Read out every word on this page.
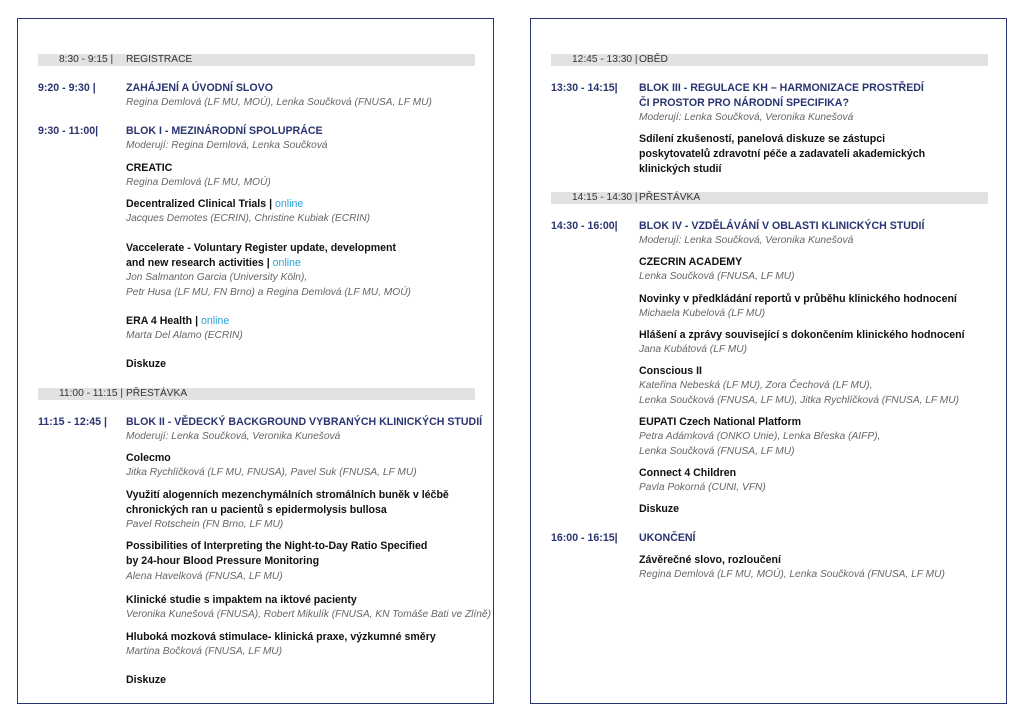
8:30 - 9:15 | REGISTRACE
9:20 - 9:30 |	ZAHÁJENÍ A ÚVODNÍ SLOVO
Regina Demlová (LF MU, MOÚ), Lenka Součková (FNUSA, LF MU)
9:30 - 11:00|	BLOK I - MEZINÁRODNÍ SPOLUPRÁCE
Moderují: Regina Demlová, Lenka Součková
CREATIC
Regina Demlová (LF MU, MOÚ)
Decentralized Clinical Trials | online
Jacques Demotes (ECRIN), Christine Kubiak (ECRIN)
Vaccelerate - Voluntary Register update, development
and new research activities | online
Jon Salmanton Garcia (University Köln),
Petr Husa (LF MU, FN Brno) a Regina Demlová (LF MU, MOÚ)
ERA 4 Health | online
Marta Del Alamo (ECRIN)
Diskuze
11:00 - 11:15 | PŘESTÁVKA
11:15 - 12:45 | BLOK II - VĚDECKÝ BACKGROUND VYBRANÝCH KLINICKÝCH STUDIÍ
Moderují: Lenka Součková, Veronika Kunešová
Colecmo
Jitka Rychlíčková (LF MU, FNUSA), Pavel Suk (FNUSA, LF MU)
Využití alogenních mezenchymálních stromálních buněk v léčbě
chronických ran u pacientů s epidermolysis bullosa
Pavel Rotschein (FN Brno, LF MU)
Possibilities of Interpreting the Night-to-Day Ratio Specified
by 24-hour Blood Pressure Monitoring
Alena Havelková (FNUSA, LF MU)
Klinické studie s impaktem na iktové pacienty
Veronika Kunešová (FNUSA), Robert Mikulík (FNUSA, KN Tomáše Bati ve Zlíně)
Hluboká mozková stimulace- klinická praxe, výzkumné směry
Martina Bočková (FNUSA, LF MU)
Diskuze
12:45 - 13:30 | OBĚD
13:30 - 14:15| BLOK III - REGULACE KH – HARMONIZACE PROSTŘEDÍ
ČI PROSTOR PRO NÁRODNÍ SPECIFIKA?
Moderují: Lenka Součková, Veronika Kunešová
Sdílení zkušeností, panelová diskuze se zástupci
poskytovatelů zdravotní péče a zadavateli akademických
klinických studií
14:15 - 14:30 | PŘESTÁVKA
14:30 - 16:00| BLOK IV - VZDĚLÁVÁNÍ V OBLASTI KLINICKÝCH STUDIÍ
Moderují: Lenka Součková, Veronika Kunešová
CZECRIN ACADEMY
Lenka Součková (FNUSA, LF MU)
Novinky v předkládání reportů v průběhu klinického hodnocení
Michaela Kubelová (LF MU)
Hlášení a zprávy související s dokončením klinického hodnocení
Jana Kubátová (LF MU)
Conscious II
Kateřina Nebeská (LF MU), Zora Čechová (LF MU),
Lenka Součková (FNUSA, LF MU), Jitka Rychlíčková (FNUSA, LF MU)
EUPATI Czech National Platform
Petra Adámková (ONKO Unie), Lenka Břeska (AIFP),
Lenka Součková (FNUSA, LF MU)
Connect 4 Children
Pavla Pokorná (CUNI, VFN)
Diskuze
16:00 - 16:15| UKONČENÍ
Závěrečné slovo, rozloučení
Regina Demlová (LF MU, MOÚ), Lenka Součková (FNUSA, LF MU)
